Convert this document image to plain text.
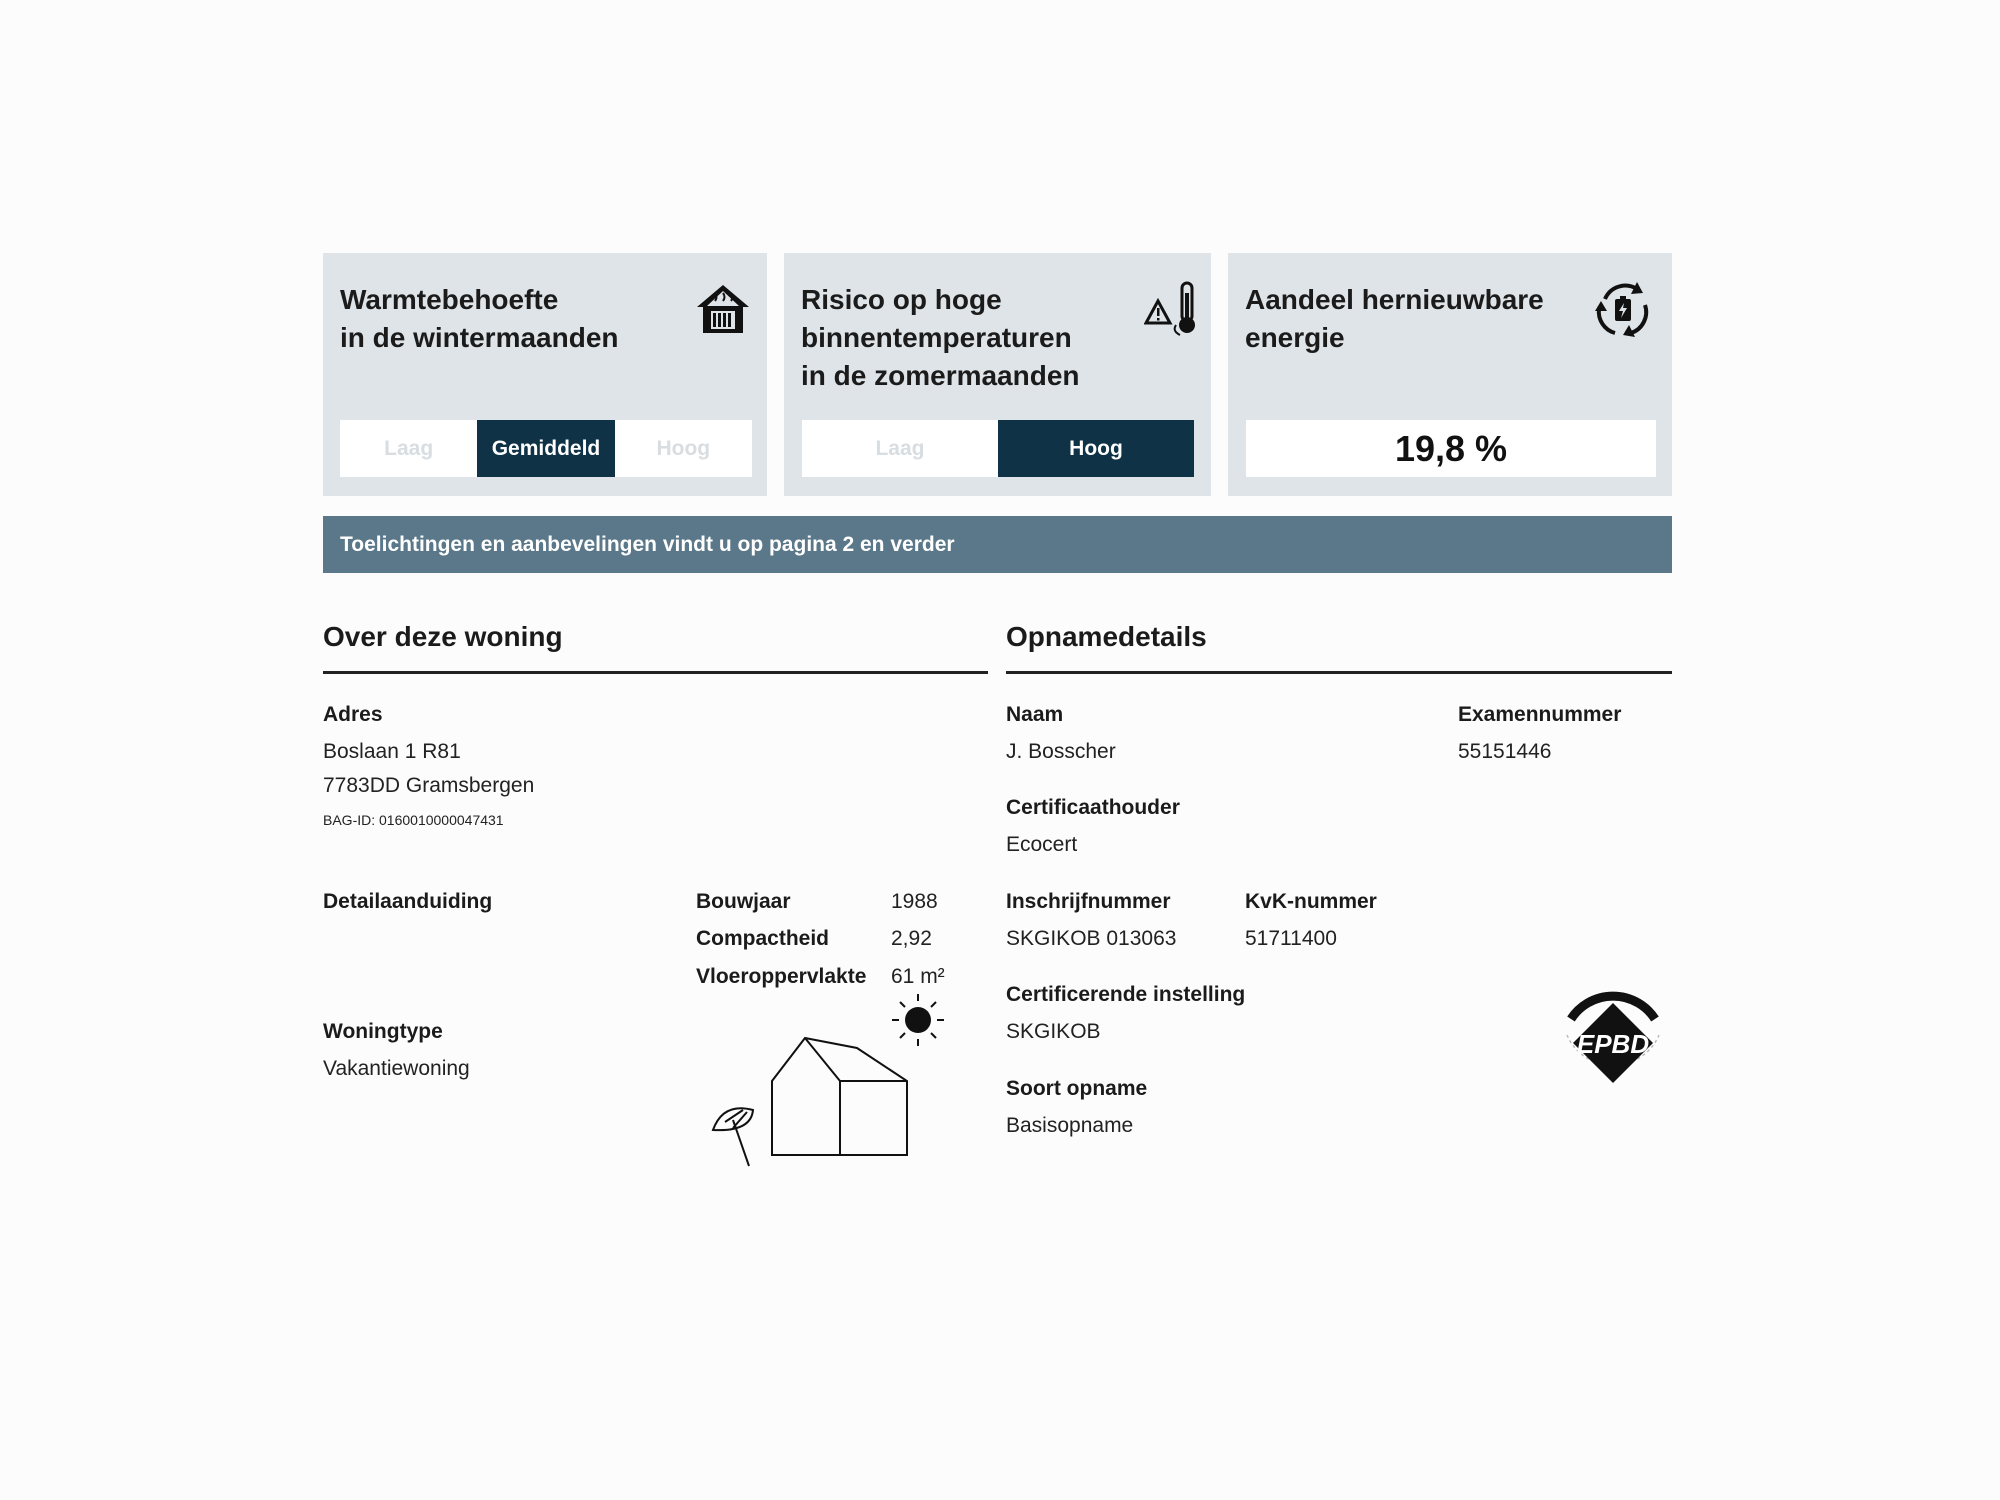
Warmtebehoefte
in de wintermaanden
Laag	Gemiddeld	Hoog
Risico op hoge
binnentemperaturen
in de zomermaanden
Laag	Hoog
Aandeel hernieuwbare
energie
19,8 %
Toelichtingen en aanbevelingen vindt u op pagina 2 en verder
Over deze woning
Adres
Boslaan 1 R81
7783DD Gramsbergen
BAG-ID: 0160010000047431
Detailaanduiding	Bouwjaar	1988
Compactheid	2,92
Vloeroppervlakte 61 m²
Woningtype
Vakantiewoning
Opnamedetails
Naam
J. Bosscher
Examennummer
55151446
Certificaathouder
Ecocert
Inschrijfnummer
SKGIKOB 013063
KvK-nummer
51711400
Certificerende instelling
SKGIKOB
Soort opname
Basisopname
EPBD
